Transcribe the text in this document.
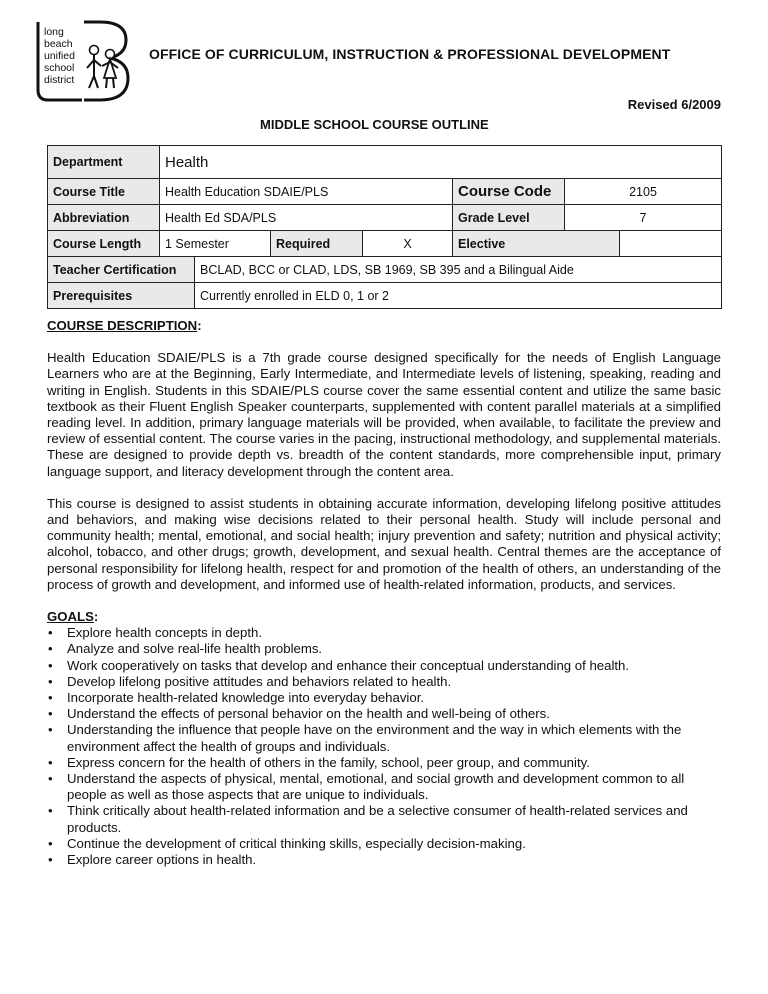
long
beach
unified
school
district
OFFICE OF CURRICULUM, INSTRUCTION & PROFESSIONAL DEVELOPMENT
Revised 6/2009
MIDDLE SCHOOL COURSE OUTLINE
Department	Health						
Course Title	Health Education SDAIE/PLS				Course Code	2105	
Abbreviation	Health Ed SDA/PLS				Grade Level	7	
Course Length	1 Semester		Required	X	Elective		
Teacher Certification		BCLAD, BCC or CLAD, LDS, SB 1969, SB 395 and a Bilingual Aide					
Prerequisites		Currently enrolled in ELD 0, 1 or 2					
COURSE DESCRIPTION:

Health Education SDAIE/PLS is a 7th grade course designed specifically for the needs of English Language Learners who are at the Beginning, Early Intermediate, and Intermediate levels of listening, speaking, reading and writing in English. Students in this SDAIE/PLS course cover the same essential content and utilize the same basic textbook as their Fluent English Speaker counterparts, supplemented with content parallel materials at a simplified reading level. In addition, primary language materials will be provided, when available, to facilitate the preview and review of essential content. The course varies in the pacing, instructional methodology, and supplemental materials. These are designed to provide depth vs. breadth of the content standards, more comprehensible input, primary language support, and literacy development through the content area.

This course is designed to assist students in obtaining accurate information, developing lifelong positive attitudes and behaviors, and making wise decisions related to their personal health. Study will include personal and community health; mental, emotional, and social health; injury prevention and safety; nutrition and physical activity; alcohol, tobacco, and other drugs; growth, development, and sexual health. Central themes are the acceptance of personal responsibility for lifelong health, respect for and promotion of the health of others, an understanding of the process of growth and development, and informed use of health-related information, products, and services.

GOALS:
• Explore health concepts in depth.
• Analyze and solve real-life health problems.
• Work cooperatively on tasks that develop and enhance their conceptual understanding of health.
• Develop lifelong positive attitudes and behaviors related to health.
• Incorporate health-related knowledge into everyday behavior.
• Understand the effects of personal behavior on the health and well-being of others.
• Understanding the influence that people have on the environment and the way in which elements with the environment affect the health of groups and individuals.
• Express concern for the health of others in the family, school, peer group, and community.
• Understand the aspects of physical, mental, emotional, and social growth and development common to all people as well as those aspects that are unique to individuals.
• Think critically about health-related information and be a selective consumer of health-related services and products.
• Continue the development of critical thinking skills, especially decision-making.
• Explore career options in health.
